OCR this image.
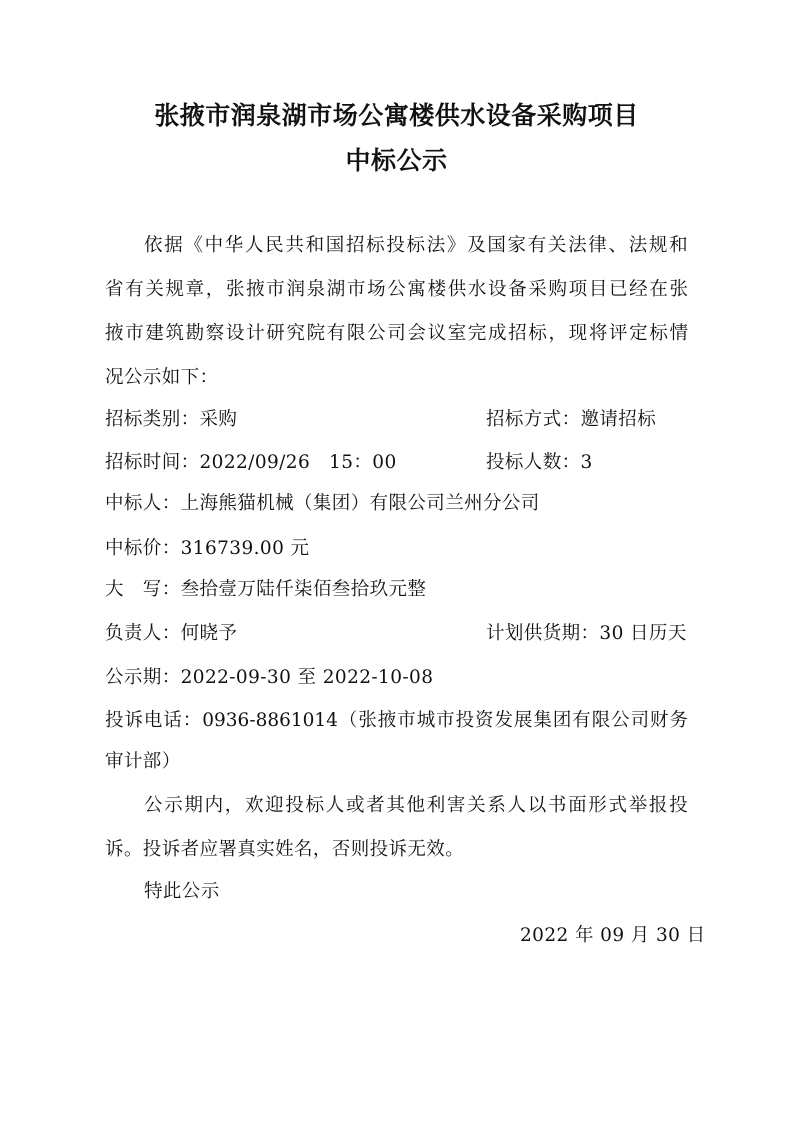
张掖市润泉湖市场公寓楼供水设备采购项目
中标公示
依据《中华人民共和国招标投标法》及国家有关法律、法规和
省有关规章，张掖市润泉湖市场公寓楼供水设备采购项目已经在张
掖市建筑勘察设计研究院有限公司会议室完成招标，现将评定标情
况公示如下：
招标类别：采购	招标方式：邀请招标
招标时间：2022/09/26　15：00	投标人数：3
中标人：上海熊猫机械（集团）有限公司兰州分公司
中标价：316739.00 元
大　写：叁拾壹万陆仟柒佰叁拾玖元整
负责人：何晓予	计划供货期：30 日历天
公示期：2022-09-30 至 2022-10-08
投诉电话：0936-8861014（张掖市城市投资发展集团有限公司财务
审计部）
公示期内，欢迎投标人或者其他利害关系人以书面形式举报投
诉。投诉者应署真实姓名，否则投诉无效。
特此公示
2022 年 09 月 30 日
